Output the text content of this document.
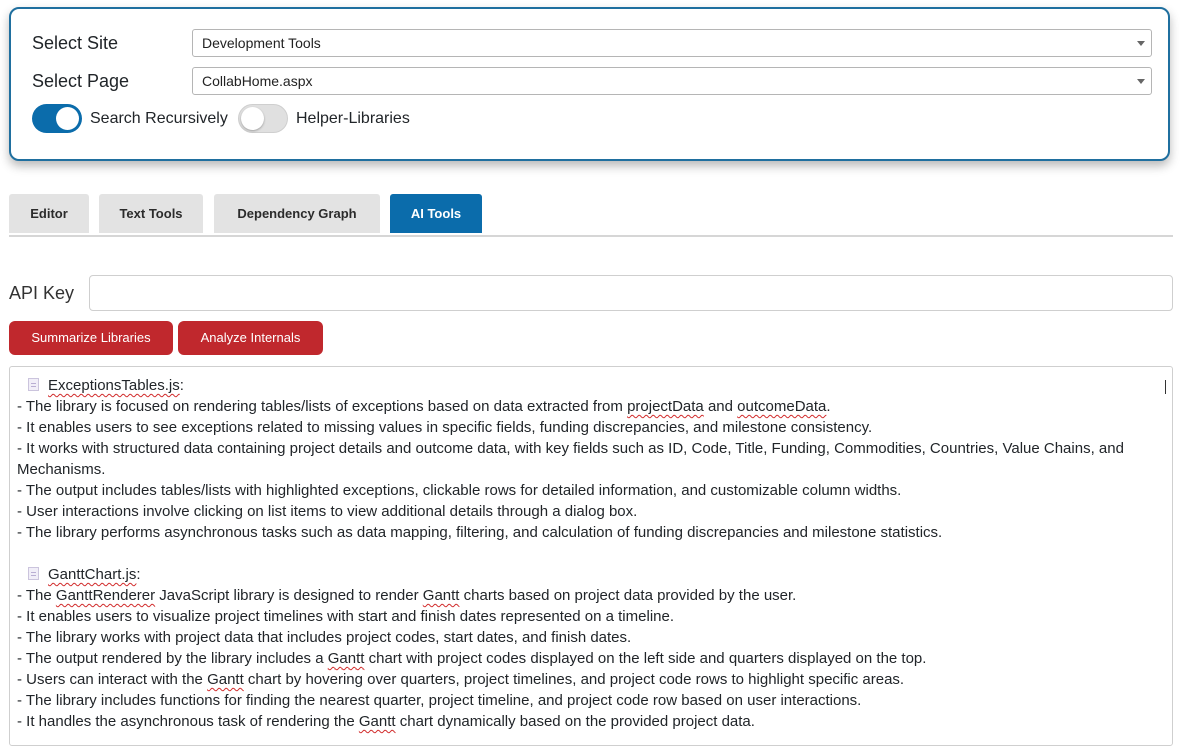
Select Site	Development Tools
Select Page	CollabHome.aspx
Search Recursively	Helper-Libraries
Editor	Text Tools	Dependency Graph	AI Tools
API Key
Summarize Libraries	Analyze Internals
ExceptionsTables.js:
- The library is focused on rendering tables/lists of exceptions based on data extracted from projectData and outcomeData.
- It enables users to see exceptions related to missing values in specific fields, funding discrepancies, and milestone consistency.
- It works with structured data containing project details and outcome data, with key fields such as ID, Code, Title, Funding, Commodities, Countries, Value Chains, and Mechanisms.
- The output includes tables/lists with highlighted exceptions, clickable rows for detailed information, and customizable column widths.
- User interactions involve clicking on list items to view additional details through a dialog box.
- The library performs asynchronous tasks such as data mapping, filtering, and calculation of funding discrepancies and milestone statistics.
GanttChart.js:
- The GanttRenderer JavaScript library is designed to render Gantt charts based on project data provided by the user.
- It enables users to visualize project timelines with start and finish dates represented on a timeline.
- The library works with project data that includes project codes, start dates, and finish dates.
- The output rendered by the library includes a Gantt chart with project codes displayed on the left side and quarters displayed on the top.
- Users can interact with the Gantt chart by hovering over quarters, project timelines, and project code rows to highlight specific areas.
- The library includes functions for finding the nearest quarter, project timeline, and project code row based on user interactions.
- It handles the asynchronous task of rendering the Gantt chart dynamically based on the provided project data.
